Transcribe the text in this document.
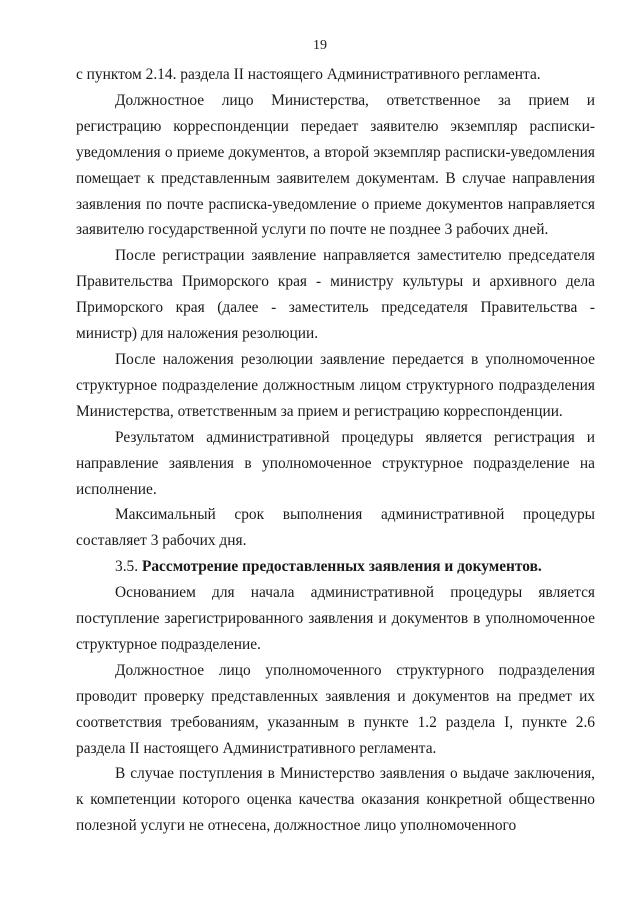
19

с пунктом 2.14. раздела II настоящего Административного регламента.

Должностное лицо Министерства, ответственное за прием и регистрацию корреспонденции передает заявителю экземпляр расписки-уведомления о приеме документов, а второй экземпляр расписки-уведомления помещает к представленным заявителем документам. В случае направления заявления по почте расписка-уведомление о приеме документов направляется заявителю государственной услуги по почте не позднее 3 рабочих дней.

После регистрации заявление направляется заместителю председателя Правительства Приморского края - министру культуры и архивного дела Приморского края (далее - заместитель председателя Правительства - министр) для наложения резолюции.

После наложения резолюции заявление передается в уполномоченное структурное подразделение должностным лицом структурного подразделения Министерства, ответственным за прием и регистрацию корреспонденции.

Результатом административной процедуры является регистрация и направление заявления в уполномоченное структурное подразделение на исполнение.

Максимальный срок выполнения административной процедуры составляет 3 рабочих дня.

3.5. Рассмотрение предоставленных заявления и документов.

Основанием для начала административной процедуры является поступление зарегистрированного заявления и документов в уполномоченное структурное подразделение.

Должностное лицо уполномоченного структурного подразделения проводит проверку представленных заявления и документов на предмет их соответствия требованиям, указанным в пункте 1.2 раздела I, пункте 2.6 раздела II настоящего Административного регламента.

В случае поступления в Министерство заявления о выдаче заключения, к компетенции которого оценка качества оказания конкретной общественно полезной услуги не отнесена, должностное лицо уполномоченного
